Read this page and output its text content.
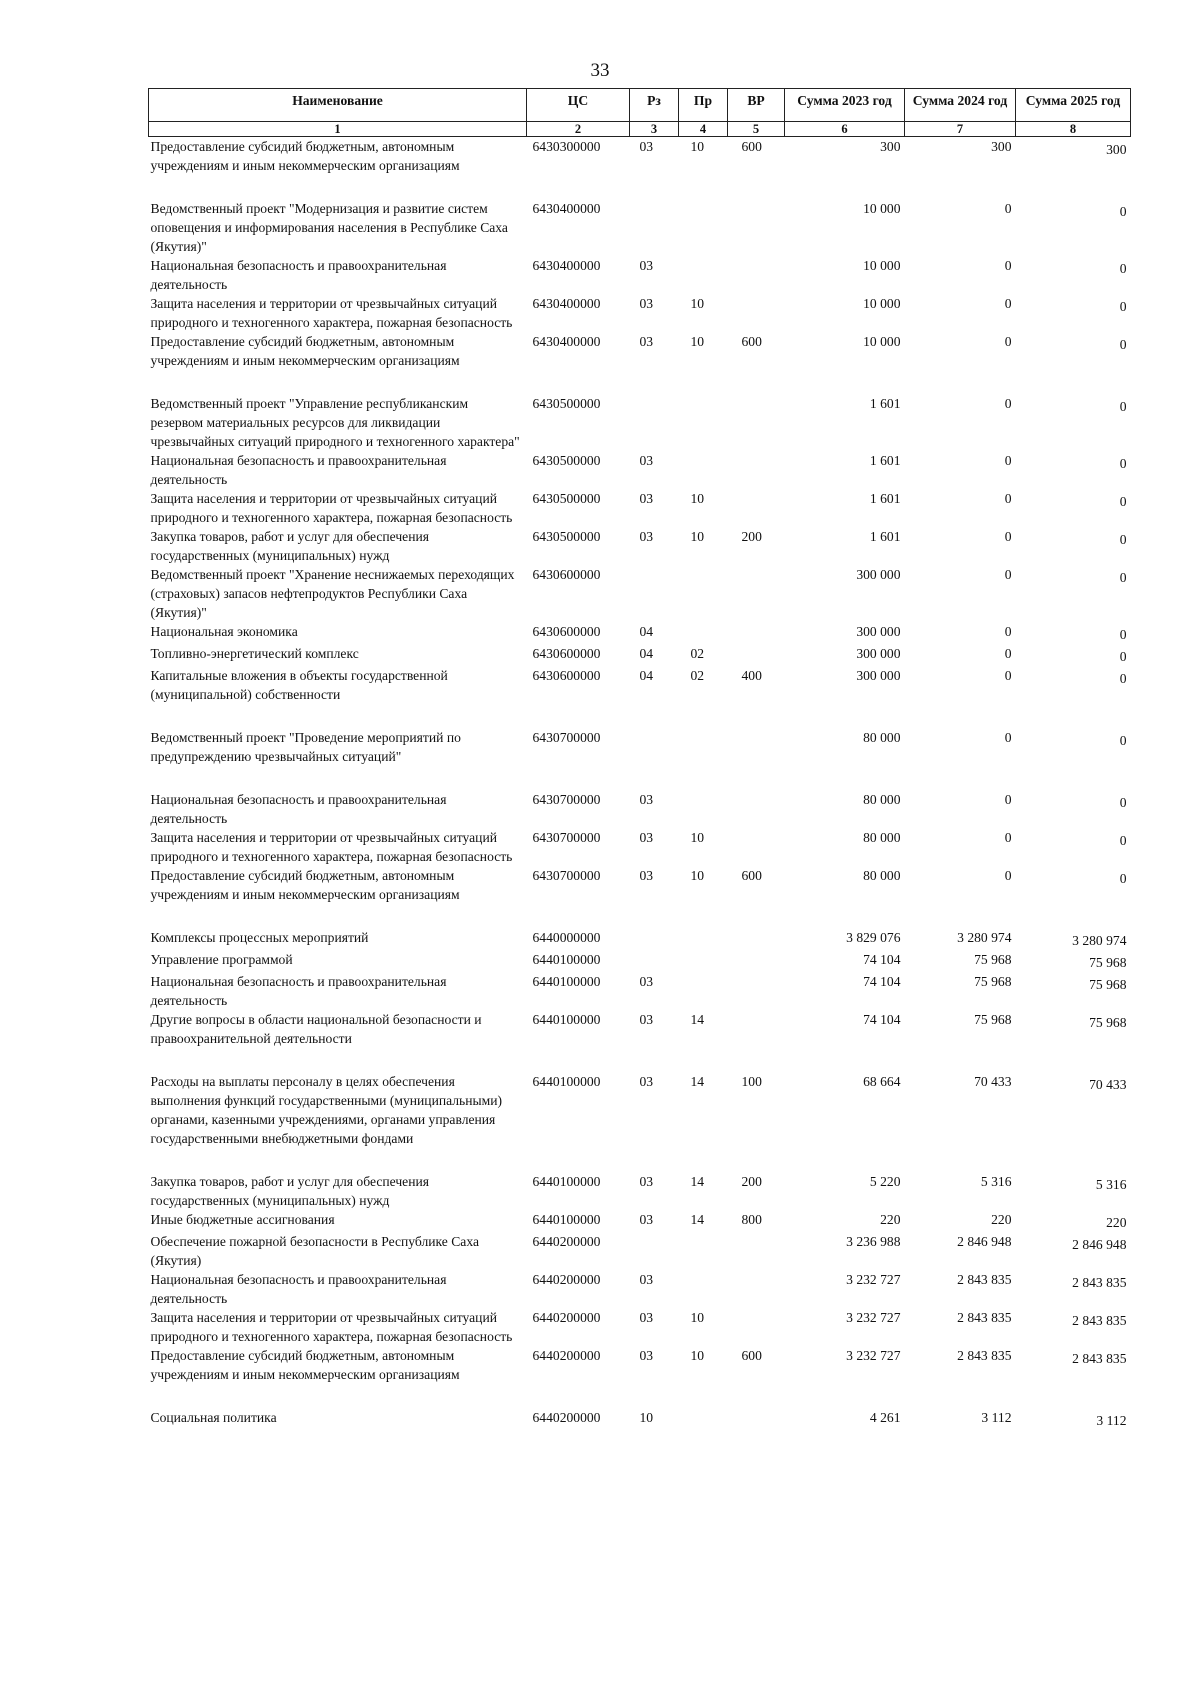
33
Наименование	ЦС	Рз	Пр	ВР	Сумма 2023 год	Сумма 2024 год	Сумма 2025 год
1	2	3	4	5	6	7	8
Предоставление субсидий бюджетным, автономным учреждениям и иным некоммерческим организациям	6430300000	03	10	600	300	300	300
Ведомственный проект "Модернизация и развитие систем оповещения и информирования населения в Республике Саха (Якутия)"	6430400000				10 000	0	0
Национальная безопасность и правоохранительная деятельность	6430400000	03			10 000	0	0
Защита населения и территории от чрезвычайных ситуаций природного и техногенного характера, пожарная безопасность	6430400000	03	10		10 000	0	0
Предоставление субсидий бюджетным, автономным учреждениям и иным некоммерческим организациям	6430400000	03	10	600	10 000	0	0
Ведомственный проект "Управление республиканским резервом материальных ресурсов для ликвидации чрезвычайных ситуаций природного и техногенного характера"	6430500000				1 601	0	0
Национальная безопасность и правоохранительная деятельность	6430500000	03			1 601	0	0
Защита населения и территории от чрезвычайных ситуаций природного и техногенного характера, пожарная безопасность	6430500000	03	10		1 601	0	0
Закупка товаров, работ и услуг для обеспечения государственных (муниципальных) нужд	6430500000	03	10	200	1 601	0	0
Ведомственный проект "Хранение неснижаемых переходящих (страховых) запасов нефтепродуктов Республики Саха (Якутия)"	6430600000				300 000	0	0
Национальная экономика	6430600000	04			300 000	0	0
Топливно-энергетический комплекс	6430600000	04	02		300 000	0	0
Капитальные вложения в объекты государственной (муниципальной) собственности	6430600000	04	02	400	300 000	0	0
Ведомственный проект "Проведение мероприятий по предупреждению чрезвычайных ситуаций"	6430700000				80 000	0	0
Национальная безопасность и правоохранительная деятельность	6430700000	03			80 000	0	0
Защита населения и территории от чрезвычайных ситуаций природного и техногенного характера, пожарная безопасность	6430700000	03	10		80 000	0	0
Предоставление субсидий бюджетным, автономным учреждениям и иным некоммерческим организациям	6430700000	03	10	600	80 000	0	0
Комплексы процессных мероприятий	6440000000				3 829 076	3 280 974	3 280 974
Управление программой	6440100000				74 104	75 968	75 968
Национальная безопасность и правоохранительная деятельность	6440100000	03			74 104	75 968	75 968
Другие вопросы в области национальной безопасности и правоохранительной деятельности	6440100000	03	14		74 104	75 968	75 968
Расходы на выплаты персоналу в целях обеспечения выполнения функций государственными (муниципальными) органами, казенными учреждениями, органами управления государственными внебюджетными фондами	6440100000	03	14	100	68 664	70 433	70 433
Закупка товаров, работ и услуг для обеспечения государственных (муниципальных) нужд	6440100000	03	14	200	5 220	5 316	5 316
Иные бюджетные ассигнования	6440100000	03	14	800	220	220	220
Обеспечение пожарной безопасности в Республике Саха (Якутия)	6440200000				3 236 988	2 846 948	2 846 948
Национальная безопасность и правоохранительная деятельность	6440200000	03			3 232 727	2 843 835	2 843 835
Защита населения и территории от чрезвычайных ситуаций природного и техногенного характера, пожарная безопасность	6440200000	03	10		3 232 727	2 843 835	2 843 835
Предоставление субсидий бюджетным, автономным учреждениям и иным некоммерческим организациям	6440200000	03	10	600	3 232 727	2 843 835	2 843 835
Социальная политика	6440200000	10			4 261	3 112	3 112
